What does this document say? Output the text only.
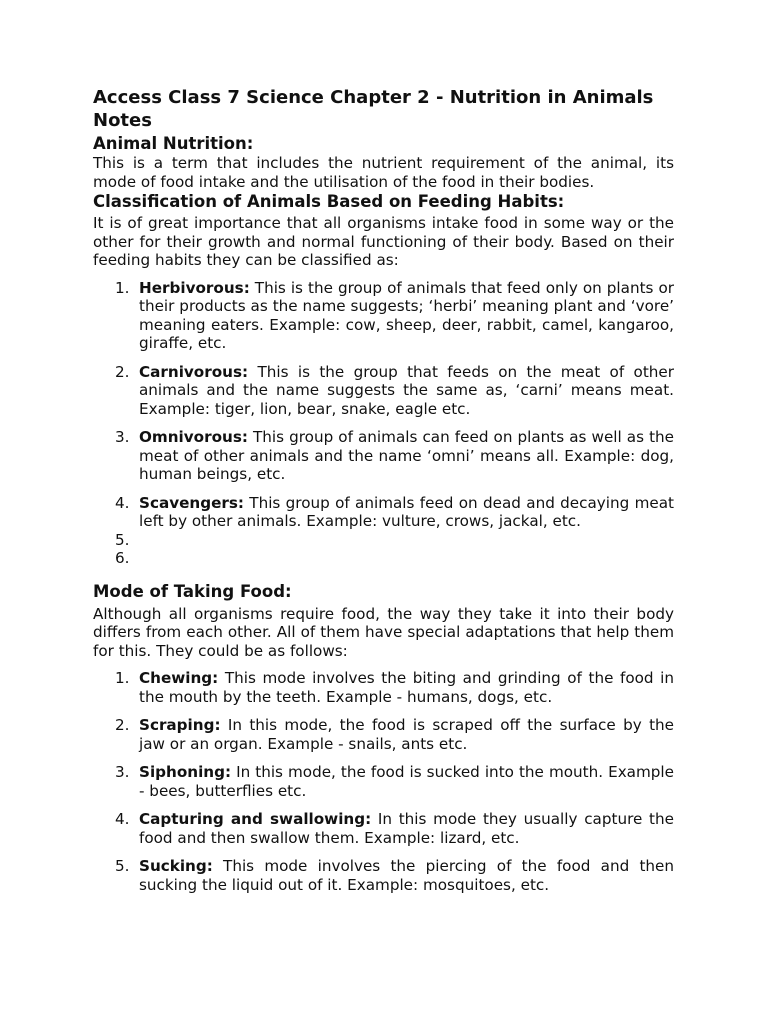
Access Class 7 Science Chapter 2 - Nutrition in Animals Notes
Animal Nutrition:

This is a term that includes the nutrient requirement of the animal, its mode of food intake and the utilisation of the food in their bodies.

Classification of Animals Based on Feeding Habits:

It is of great importance that all organisms intake food in some way or the other for their growth and normal functioning of their body. Based on their feeding habits they can be classified as:

1. Herbivorous: This is the group of animals that feed only on plants or their products as the name suggests; ‘herbi’ meaning plant and ‘vore’ meaning eaters. Example: cow, sheep, deer, rabbit, camel, kangaroo, giraffe, etc.
2. Carnivorous: This is the group that feeds on the meat of other animals and the name suggests the same as, ‘carni’ means meat. Example: tiger, lion, bear, snake, eagle etc.
3. Omnivorous: This group of animals can feed on plants as well as the meat of other animals and the name ‘omni’ means all. Example: dog, human beings, etc.
4. Scavengers: This group of animals feed on dead and decaying meat left by other animals. Example: vulture, crows, jackal, etc.
5.

6.

Mode of Taking Food:

Although all organisms require food, the way they take it into their body differs from each other. All of them have special adaptations that help them for this. They could be as follows:

1. Chewing: This mode involves the biting and grinding of the food in the mouth by the teeth. Example - humans, dogs, etc.
2. Scraping: In this mode, the food is scraped off the surface by the jaw or an organ. Example - snails, ants etc.
3. Siphoning: In this mode, the food is sucked into the mouth. Example - bees, butterflies etc.
4. Capturing and swallowing: In this mode they usually capture the food and then swallow them. Example: lizard, etc.
5. Sucking: This mode involves the piercing of the food and then sucking the liquid out of it. Example: mosquitoes, etc.
